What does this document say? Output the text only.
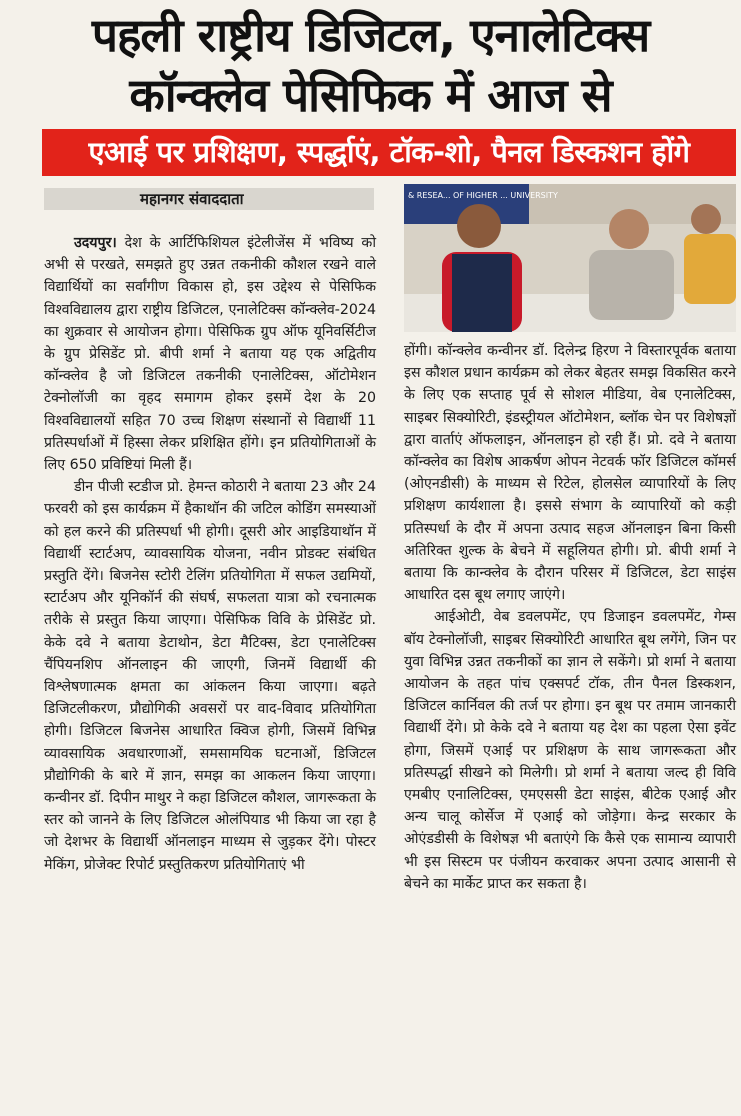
पहली राष्ट्रीय डिजिटल, एनालेटिक्स
कॉन्क्लेव पेसिफिक में आज से
एआई पर प्रशिक्षण, स्पर्द्धाएं, टॉक-शो, पैनल डिस्कशन होंगे
महानगर संवाददाता	& RESEA... OF HIGHER ... UNIVERSITY

उदयपुर। देश के आर्टिफिशियल इंटेलीजेंस में भविष्य को अभी से परखते, समझते हुए उन्नत तकनीकी कौशल रखने वाले विद्यार्थियों का सर्वांगीण विकास हो, इस उद्देश्य से पेसिफिक विश्वविद्यालय द्वारा राष्ट्रीय डिजिटल, एनालेटिक्स कॉन्क्लेव-2024 का शुक्रवार से आयोजन होगा। पेसिफिक ग्रुप ऑफ यूनिवर्सिटीज के ग्रुप प्रेसिडेंट प्रो. बीपी शर्मा ने बताया यह एक अद्वितीय कॉन्क्लेव है जो डिजिटल तकनीकी एनालेटिक्स, ऑटोमेशन टेक्नोलॉजी का वृहद समागम होकर इसमें देश के 20 विश्वविद्यालयों सहित 70 उच्च शिक्षण संस्थानों से विद्यार्थी 11 प्रतिस्पर्धाओं में हिस्सा लेकर प्रशिक्षित होंगे। इन प्रतियोगिताओं के लिए 650 प्रविष्टियां मिली हैं।

डीन पीजी स्टडीज प्रो. हेमन्त कोठारी ने बताया 23 और 24 फरवरी को इस कार्यक्रम में हैकाथॉन की जटिल कोडिंग समस्याओं को हल करने की प्रतिस्पर्धा भी होगी। दूसरी ओर आइडियाथॉन में विद्यार्थी स्टार्टअप, व्यावसायिक योजना, नवीन प्रोडक्ट संबंधित प्रस्तुति देंगे। बिजनेस स्टोरी टेलिंग प्रतियोगिता में सफल उद्यमियों, स्टार्टअप और यूनिकॉर्न की संघर्ष, सफलता यात्रा को रचनात्मक तरीके से प्रस्तुत किया जाएगा। पेसिफिक विवि के प्रेसिडेंट प्रो. केके दवे ने बताया डेटाथोन, डेटा मैटिक्स, डेटा एनालेटिक्स चैंपियनशिप ऑनलाइन की जाएगी, जिनमें विद्यार्थी की विश्लेषणात्मक क्षमता का आंकलन किया जाएगा। बढ़ते डिजिटलीकरण, प्रौद्योगिकी अवसरों पर वाद-विवाद प्रतियोगिता होगी। डिजिटल बिजनेस आधारित क्विज होगी, जिसमें विभिन्न व्यावसायिक अवधारणाओं, समसामयिक घटनाओं, डिजिटल प्रौद्योगिकी के बारे में ज्ञान, समझ का आकलन किया जाएगा। कन्वीनर डॉ. दिपीन माथुर ने कहा डिजिटल कौशल, जागरूकता के स्तर को जानने के लिए डिजिटल ओलंपियाड भी किया जा रहा है जो देशभर के विद्यार्थी ऑनलाइन माध्यम से जुड़कर देंगे। पोस्टर मेकिंग, प्रोजेक्ट रिपोर्ट प्रस्तुतिकरण प्रतियोगिताएं भी

होंगी। कॉन्क्लेव कन्वीनर डॉ. दिलेन्द्र हिरण ने विस्तारपूर्वक बताया इस कौशल प्रधान कार्यक्रम को लेकर बेहतर समझ विकसित करने के लिए एक सप्ताह पूर्व से सोशल मीडिया, वेब एनालेटिक्स, साइबर सिक्योरिटी, इंडस्ट्रीयल ऑटोमेशन, ब्लॉक चेन पर विशेषज्ञों द्वारा वार्ताएं ऑफलाइन, ऑनलाइन हो रही हैं। प्रो. दवे ने बताया कॉन्क्लेव का विशेष आकर्षण ओपन नेटवर्क फॉर डिजिटल कॉमर्स (ओएनडीसी) के माध्यम से रिटेल, होलसेल व्यापारियों के लिए प्रशिक्षण कार्यशाला है। इससे संभाग के व्यापारियों को कड़ी प्रतिस्पर्धा के दौर में अपना उत्पाद सहज ऑनलाइन बिना किसी अतिरिक्त शुल्क के बेचने में सहूलियत होगी। प्रो. बीपी शर्मा ने बताया कि कान्क्लेव के दौरान परिसर में डिजिटल, डेटा साइंस आधारित दस बूथ लगाए जाएंगे।

आईओटी, वेब डवलपमेंट, एप डिजाइन डवलपमेंट, गेम्स बॉय टेक्नोलॉजी, साइबर सिक्योरिटी आधारित बूथ लगेंगे, जिन पर युवा विभिन्न उन्नत तकनीकों का ज्ञान ले सकेंगे। प्रो शर्मा ने बताया आयोजन के तहत पांच एक्सपर्ट टॉक, तीन पैनल डिस्कशन, डिजिटल कार्निवल की तर्ज पर होगा। इन बूथ पर तमाम जानकारी विद्यार्थी देंगे। प्रो केके दवे ने बताया यह देश का पहला ऐसा इवेंट होगा, जिसमें एआई पर प्रशिक्षण के साथ जागरूकता और प्रतिस्पर्द्धा सीखने को मिलेगी। प्रो शर्मा ने बताया जल्द ही विवि एमबीए एनालिटिक्स, एमएससी डेटा साइंस, बीटेक एआई और अन्य चालू कोर्सेज में एआई को जोड़ेगा। केन्द्र सरकार के ओएंडडीसी के विशेषज्ञ भी बताएंगे कि कैसे एक सामान्य व्यापारी भी इस सिस्टम पर पंजीयन करवाकर अपना उत्पाद आसानी से बेचने का मार्केट प्राप्त कर सकता है।
